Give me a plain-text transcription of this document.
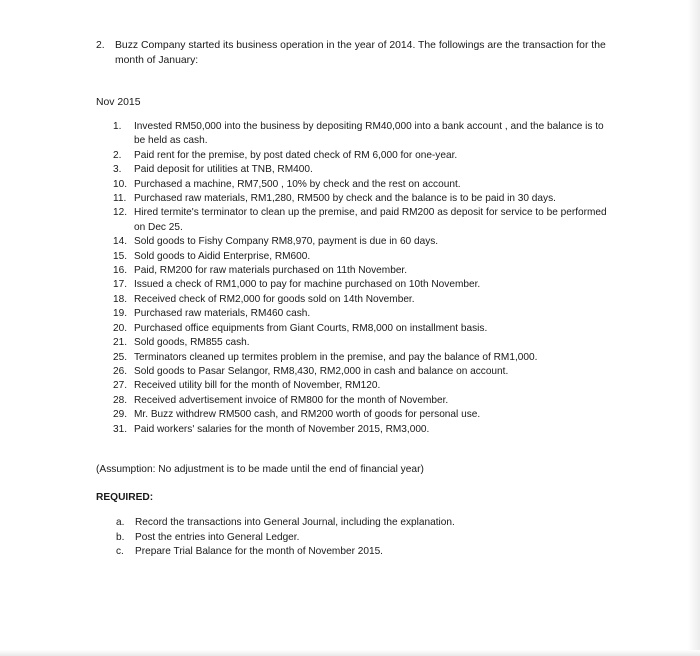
2. Buzz Company started its business operation in the year of 2014. The followings are the transaction for the month of January:
Nov 2015
1. Invested RM50,000 into the business by depositing RM40,000 into a bank account , and the balance is to be held as cash.
2. Paid rent for the premise, by post dated check of RM 6,000 for one-year.
3. Paid deposit for utilities at TNB, RM400.
10. Purchased a machine, RM7,500 , 10% by check and the rest on account.
11. Purchased raw materials, RM1,280, RM500 by check and the balance is to be paid in 30 days.
12. Hired termite's terminator to clean up the premise, and paid RM200 as deposit for service to be performed on Dec 25.
14. Sold goods to Fishy Company RM8,970, payment is due in 60 days.
15. Sold goods to Aidid Enterprise, RM600.
16. Paid, RM200 for raw materials purchased on 11th November.
17. Issued a check of RM1,000 to pay for machine purchased on 10th November.
18. Received check of RM2,000 for goods sold on 14th November.
19. Purchased raw materials, RM460 cash.
20. Purchased office equipments from Giant Courts, RM8,000 on installment basis.
21. Sold goods, RM855 cash.
25. Terminators cleaned up termites problem in the premise, and pay the balance of RM1,000.
26. Sold goods to Pasar Selangor, RM8,430, RM2,000 in cash and balance on account.
27. Received utility bill for the month of November, RM120.
28. Received advertisement invoice of RM800 for the month of November.
29. Mr. Buzz withdrew RM500 cash, and RM200 worth of goods for personal use.
31. Paid workers' salaries for the month of November 2015, RM3,000.
(Assumption: No adjustment is to be made until the end of financial year)
REQUIRED:
a. Record the transactions into General Journal, including the explanation.
b. Post the entries into General Ledger.
c. Prepare Trial Balance for the month of November 2015.
